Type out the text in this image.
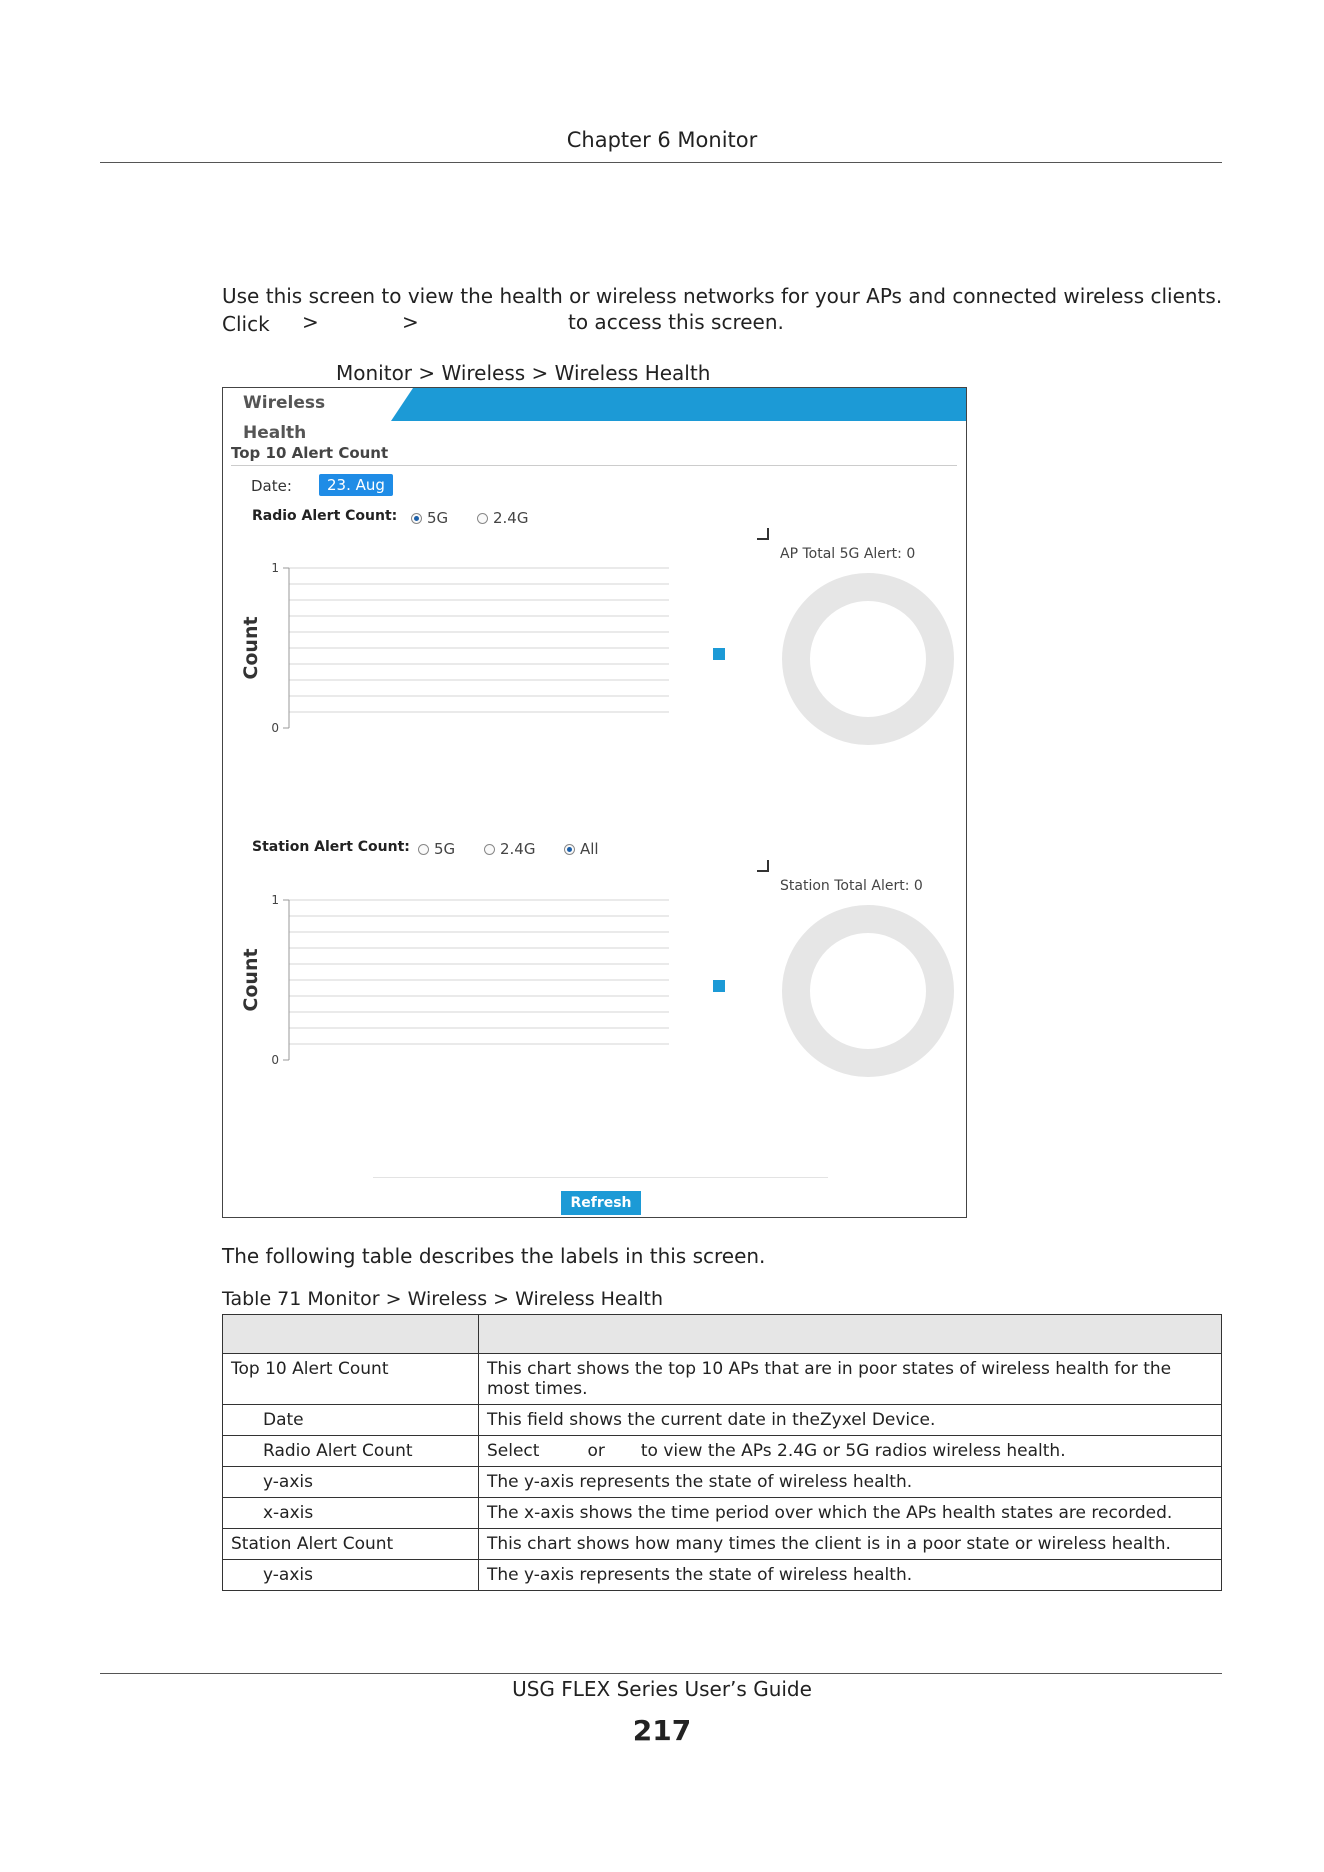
Chapter 6 Monitor
Use this screen to view the health or wireless networks for your APs and connected wireless clients. Click	>	>	to access this screen.
Monitor > Wireless > Wireless Health
Wireless Health
Top 10 Alert Count
Date:	23. Aug
Radio Alert Count: 5G	2.4G
0
1
Count
AP Total 5G Alert: 0
Station Alert Count: 5G	2.4G	All
0
1
Count
Station Total Alert: 0
Refresh
The following table describes the labels in this screen.
Table 71 Monitor > Wireless > Wireless Health

Top 10 Alert Count	This chart shows the top 10 APs that are in poor states of wireless health for the most times.
Date	This field shows the current date in theZyxel Device.
Radio Alert Count	Select or to view the APs 2.4G or 5G radios wireless health.
y-axis	The y-axis represents the state of wireless health.
x-axis	The x-axis shows the time period over which the APs health states are recorded.
Station Alert Count	This chart shows how many times the client is in a poor state or wireless health.
y-axis	The y-axis represents the state of wireless health.
USG FLEX Series User’s Guide
217
